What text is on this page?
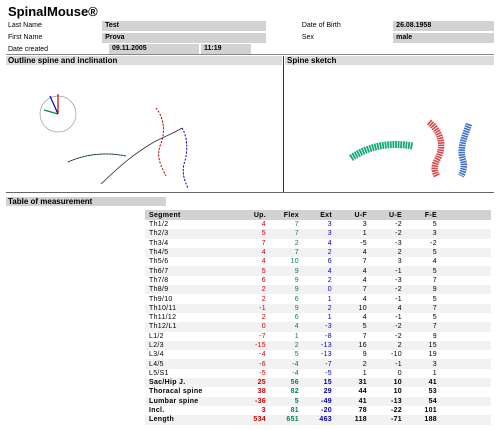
SpinalMouse®
Last Name	Test	Date of Birth	26.08.1958
First Name	Prova	Sex	male
Date created	09.11.2005	11:19
Outline spine and inclination	Spine sketch
Table of measurement
Segment	Up.	Flex	Ext	U-F	U-E	F-E
Th1/2	4	7	3	3	-2	5
Th2/3	5	7	3	1	-2	3
Th3/4	7	2	4	-5	-3	-2
Th4/5	4	7	2	4	2	5
Th5/6	4	10	6	7	3	4
Th6/7	5	9	4	4	-1	5
Th7/8	6	9	2	4	-3	7
Th8/9	2	9	0	7	-2	9
Th9/10	2	6	1	4	-1	5
Th10/11	-1	9	2	10	4	7
Th11/12	2	6	1	4	-1	5
Th12/L1	0	4	-3	5	-2	7
L1/2	-7	1	-8	7	-2	9
L2/3	-15	2	-13	16	2	15
L3/4	-4	5	-13	9	-10	19
L4/5	-6	-4	-7	2	-1	3
L5/S1	-5	-4	-5	1	0	1
Sac/Hip J.	25	56	15	31	10	41
Thoracal spine	38	82	29	44	10	53
Lumbar spine	-36	5	-49	41	-13	54
Incl.	3	81	-20	78	-22	101
Length	534	651	463	118	-71	188
